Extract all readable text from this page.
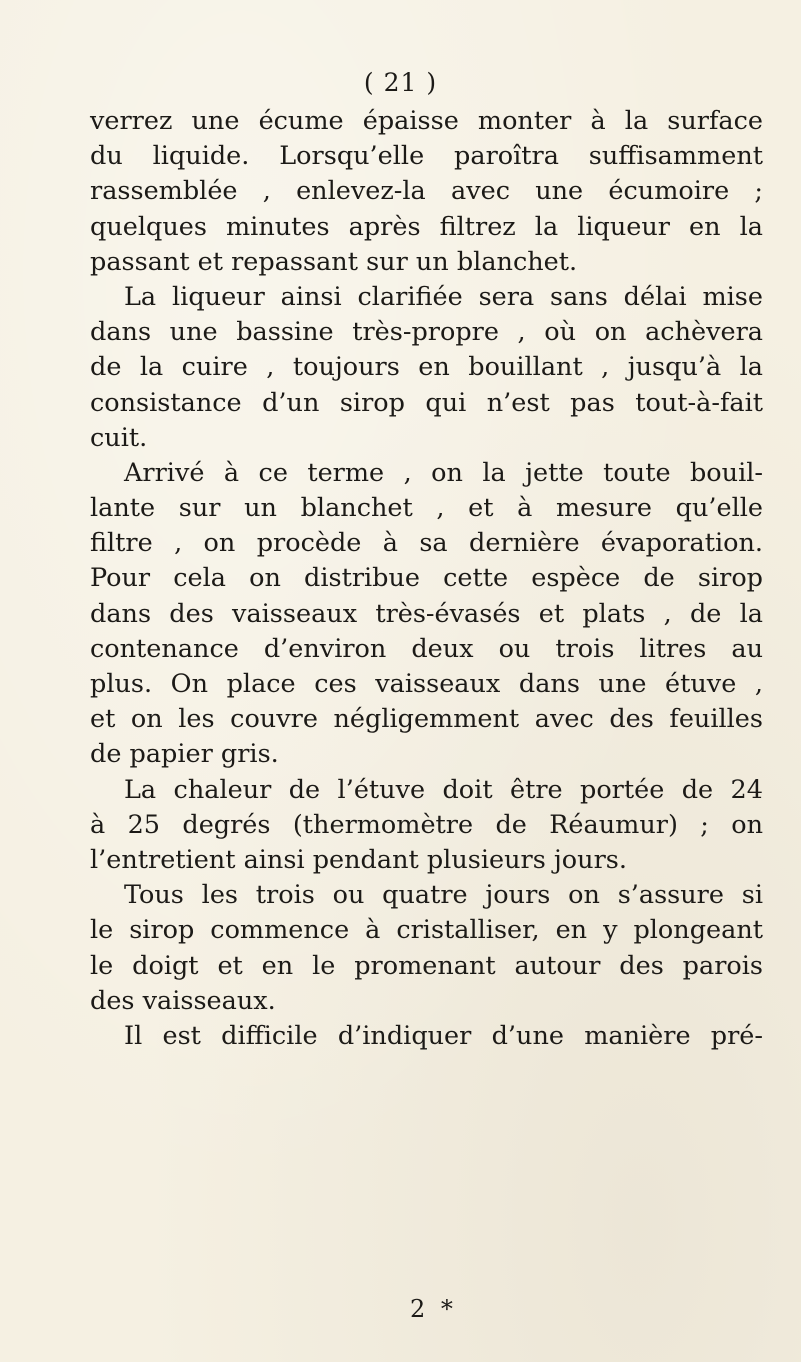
( 21 )
verrez une écume épaisse monter à la surface
du liquide. Lorsqu’elle paroîtra suffisamment
rassemblée , enlevez-la avec une écumoire ;
quelques minutes après filtrez la liqueur en la
passant et repassant sur un blanchet.
La liqueur ainsi clarifiée sera sans délai mise
dans une bassine très-propre , où on achèvera
de la cuire , toujours en bouillant , jusqu’à la
consistance d’un sirop qui n’est pas tout-à-fait
cuit.
Arrivé à ce terme , on la jette toute bouil-
lante sur un blanchet , et à mesure qu’elle
filtre , on procède à sa dernière évaporation.
Pour cela on distribue cette espèce de sirop
dans des vaisseaux très-évasés et plats , de la
contenance d’environ deux ou trois litres au
plus. On place ces vaisseaux dans une étuve ,
et on les couvre négligemment avec des feuilles
de papier gris.
La chaleur de l’étuve doit être portée de 24
à 25 degrés (thermomètre de Réaumur) ; on
l’entretient ainsi pendant plusieurs jours.
Tous les trois ou quatre jours on s’assure si
le sirop commence à cristalliser, en y plongeant
le doigt et en le promenant autour des parois
des vaisseaux.
Il est difficile d’indiquer d’une manière pré-
2 *
